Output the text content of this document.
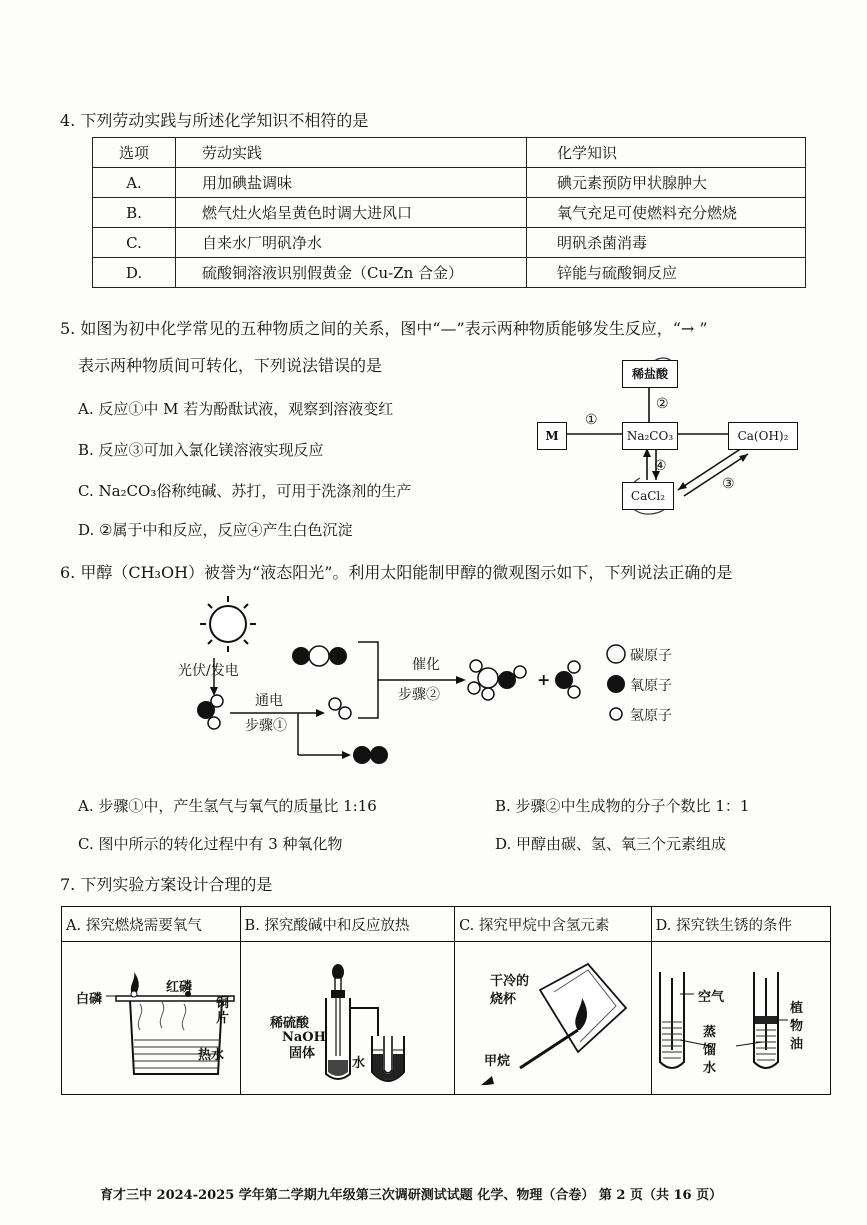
4. 下列劳动实践与所述化学知识不相符的是
选项	劳动实践	化学知识
A.	用加碘盐调味	碘元素预防甲状腺肿大
B.	燃气灶火焰呈黄色时调大进风口	氧气充足可使燃料充分燃烧
C.	自来水厂明矾净水	明矾杀菌消毒
D.	硫酸铜溶液识别假黄金（Cu-Zn 合金）	锌能与硫酸铜反应
5. 如图为初中化学常见的五种物质之间的关系，图中“—”表示两种物质能够发生反应，“→ ”
表示两种物质间可转化，下列说法错误的是
A. 反应①中 M 若为酚酞试液，观察到溶液变红
B. 反应③可加入氯化镁溶液实现反应
C. Na₂CO₃俗称纯碱、苏打，可用于洗涤剂的生产
D. ②属于中和反应，反应④产生白色沉淀
稀盐酸
M	Na₂CO₃	Ca(OH)₂
CaCl₂
①
②
③
④
6. 甲醇（CH₃OH）被誉为“液态阳光”。利用太阳能制甲醇的微观图示如下，下列说法正确的是
光伏/发电
通电
步骤①
催化
步骤②
+
碳原子
氧原子
氢原子
A. 步骤①中，产生氢气与氧气的质量比 1:16	B. 步骤②中生成物的分子个数比 1：1
C. 图中所示的转化过程中有 3 种氧化物	D. 甲醇由碳、氢、氧三个元素组成
7. 下列实验方案设计合理的是
A. 探究燃烧需要氧气	B. 探究酸碱中和反应放热	C. 探究甲烷中含氢元素	D. 探究铁生锈的条件

白磷
红磷
铜片
热水
稀硫酸
NaOH固体
水
干冷的
烧杯
甲烷
空气
植物油
蒸馏水
育才三中 2024-2025 学年第二学期九年级第三次调研测试试题 化学、物理（合卷） 第 2 页（共 16 页）
